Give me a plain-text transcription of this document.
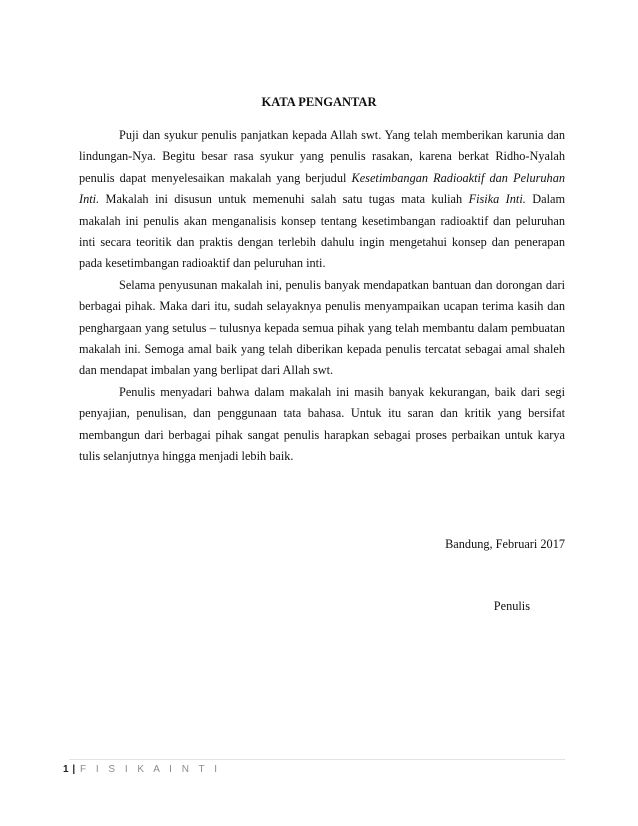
KATA PENGANTAR

Puji dan syukur penulis panjatkan kepada Allah swt. Yang telah memberikan karunia dan lindungan-Nya. Begitu besar rasa syukur yang penulis rasakan, karena berkat Ridho-Nyalah penulis dapat menyelesaikan makalah yang berjudul Kesetimbangan Radioaktif dan Peluruhan Inti. Makalah ini disusun untuk memenuhi salah satu tugas mata kuliah Fisika Inti. Dalam makalah ini penulis akan menganalisis konsep tentang kesetimbangan radioaktif dan peluruhan inti secara teoritik dan praktis dengan terlebih dahulu ingin mengetahui konsep dan penerapan pada kesetimbangan radioaktif dan peluruhan inti.

Selama penyusunan makalah ini, penulis banyak mendapatkan bantuan dan dorongan dari berbagai pihak. Maka dari itu, sudah selayaknya penulis menyampaikan ucapan terima kasih dan penghargaan yang setulus – tulusnya kepada semua pihak yang telah membantu dalam pembuatan makalah ini. Semoga amal baik yang telah diberikan kepada penulis tercatat sebagai amal shaleh dan mendapat imbalan yang berlipat dari Allah swt.

Penulis menyadari bahwa dalam makalah ini masih banyak kekurangan, baik dari segi penyajian, penulisan, dan penggunaan tata bahasa. Untuk itu saran dan kritik yang bersifat membangun dari berbagai pihak sangat penulis harapkan sebagai proses perbaikan untuk karya tulis selanjutnya hingga menjadi lebih baik.

Bandung, Februari 2017
Penulis
1 | F I S I K A I N T I
